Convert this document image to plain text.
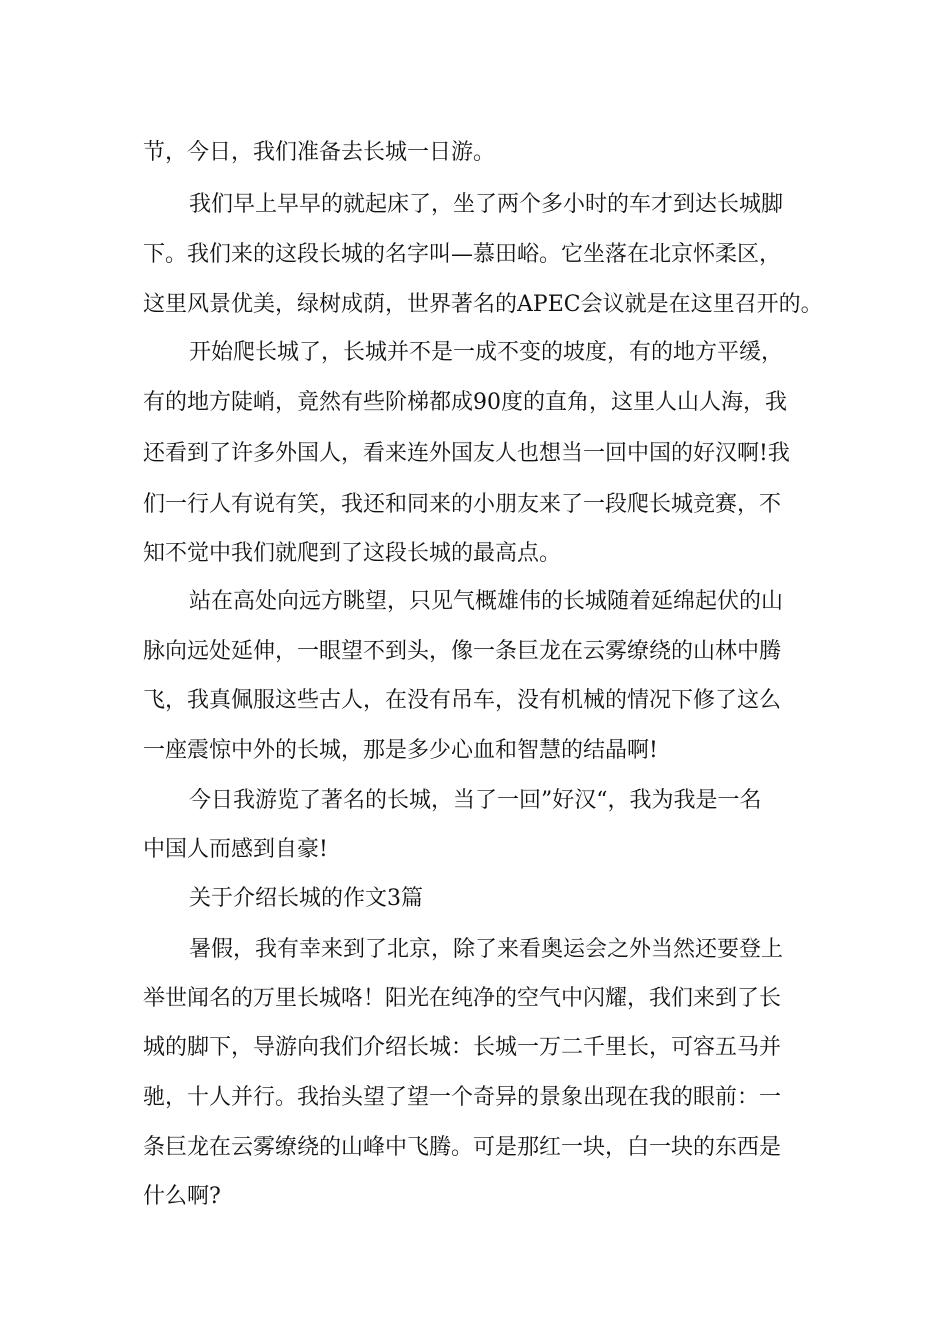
节，今日，我们准备去长城一日游。
我们早上早早的就起床了，坐了两个多小时的车才到达长城脚
下。我们来的这段长城的名字叫—慕田峪。它坐落在北京怀柔区，
这里风景优美，绿树成荫，世界著名的APEC会议就是在这里召开的。
开始爬长城了，长城并不是一成不变的坡度，有的地方平缓，
有的地方陡峭，竟然有些阶梯都成90度的直角，这里人山人海，我
还看到了许多外国人，看来连外国友人也想当一回中国的好汉啊!我
们一行人有说有笑，我还和同来的小朋友来了一段爬长城竞赛，不
知不觉中我们就爬到了这段长城的最高点。
站在高处向远方眺望，只见气概雄伟的长城随着延绵起伏的山
脉向远处延伸，一眼望不到头，像一条巨龙在云雾缭绕的山林中腾
飞，我真佩服这些古人，在没有吊车，没有机械的情况下修了这么
一座震惊中外的长城，那是多少心血和智慧的结晶啊!
今日我游览了著名的长城，当了一回”好汉“，我为我是一名
中国人而感到自豪!
关于介绍长城的作文3篇
暑假，我有幸来到了北京，除了来看奥运会之外当然还要登上
举世闻名的万里长城咯！阳光在纯净的空气中闪耀，我们来到了长
城的脚下，导游向我们介绍长城：长城一万二千里长，可容五马并
驰，十人并行。我抬头望了望一个奇异的景象出现在我的眼前：一
条巨龙在云雾缭绕的山峰中飞腾。可是那红一块，白一块的东西是
什么啊?
